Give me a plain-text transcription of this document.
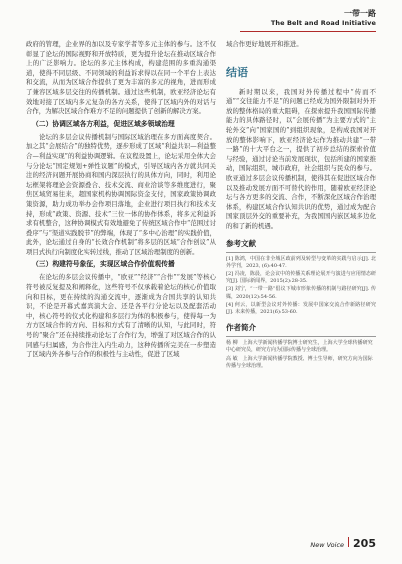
一带一路
The Belt and Road Initiative

政府的管理，企业界的加以及专家学者等多元主体的参与。这不仅彰显了论坛的国际视野和开放特质，更为提升论坛在推动区域合作上的广泛影响力。论坛的多元主体构成，构建范围的多重沟通渠道，使得不同层级、不同领域的利益诉求得以在同一个平台上表达和交流，从而为区域合作提供了更为丰富的多元的视角，进而形成了兼容区域多层交往的传播机制。通过这些机制，欧亚经济论坛有效地对接了区域内多元复杂的各方关系，使得了区域内外的对话与合作，为解决区域合作难方不足的问题提供了创新的解决方案。

（二）协调区域各方利益，促进区域多领域治理

论坛的多层会议传播机制与国际区域治理在多方面高度契合。加之其“会展结合”的独特优势，逐步形成了区域“利益共识—利益整合—利益实现”的利益协调逻辑。在议程设置上，论坛采用全体大会与分论坛“国定规划+弹性议题”的模式，引导区域内各方就共同关注的经济问题开展协商和国内深层执行的具体方向，同时，利用论坛框架将理论会资源叠合、技术交流、商业洽谈等多维度进行，聚焦区域贸易往来，超国家机构协调国际资金支付，国家政策协调政策资源，助力成功举办会作项目落地，企业进行项目执行和技术支持，形成“政策、资源、技术”三位一体的协作体系，将多元利益诉求有机整合，这种协调模式有效地避免了传统区域合作中“范围过讨叠序”与“渠道实践脱节”的弊端，体现了“多中心治理”的实践价值，此外，论坛通过自身的“长效合作机制”将多层的区域“合作创议”从项目式执行向制度化实转过线，推动了区域治理制度的创新。

（三）构建符号象征，实现区域合作价值观传播

在论坛的多层会议传播中，“欧亚”“经济”“合作”“发展”等核心符号被反复提及和阐释化，这些符号不仅承载着论坛的核心价值取向和目标，更在持续的沟通交流中，逐渐成为合国共享的认知共识，不论是开幕式嘉宾演大会、还是各平行分论坛以及配套活动中，核心符号的仪式化构建和多层行为体的积极参与，使得每一为方方区域合作的方向、目标和方式有了清晰的认知，与此同时，符号的“聚合”还在持续推动论坛了合作行为，增强了对区域合作的认同感与归属感，为合作注入内生动力，这种传播所完美在一步塑造了区域内外各参与合作的积极性与主动性，促进了区域

域合作更好地展开和推进。

结语

新时期以来，我国对外传播过程中“传而不通”“交往能力不足”的问题已经成为国外限制对外开放的整体格局的重大阻碍，在探索提升我国国际传播能力的具体路径时，以“会展传播”为主要方式的“主轮外交”向“国家国的”到组织现象，是构成我国对开放的整体影响下，欧亚经济论坛作为推动共建“一带一路”的十大平台之一，提供了初步总结的探索价值与经验，通过讨论当前发展现状，包括所建的国家推动，国际组织，城市政府，社会组织与民众的参与。欧亚通过多层会议传播机制，使得其在促进区域合作以及推动发展方面不可替代的作用，随着欧亚经济论坛与各方更多的交流、合作，不断深化区域合作治理体系，构建区域合作认知共识的优势，通过成为配合国家顶层外交的重要补充，为我国国内嵌区域多边化的和了新的机遇。

参考文献

[1] 陈鸿，中国在非全城区政前列及转型与变革的实践与启示[J]. 北外学刊，2023, (6):40-47.

[2] 冯凌，陈晨，论会议中的传播关系理论展开与演进与应用情态研究[J]. 国际新闻界，2015(2):28-35.

[3] 刘宁，“一带一路”倡议下城市形象传播的机制与路径研究[J]. 传媒，2020(12):54-56.

[4] 何云，以新型会议对外传播：发展中国家交流合作新路径研究[J]. 未来传播，2021(6):53-60.

作者简介

杨 柳　上海大学新闻传播学院博士研究生，上海大学全球传播研究中心研究员，研究方向为国际传播与全球治理。

高 敏　上海大学新闻传播学院教授、博士生导师，研究方向为国际传播与全球治理。

New Voice 205
